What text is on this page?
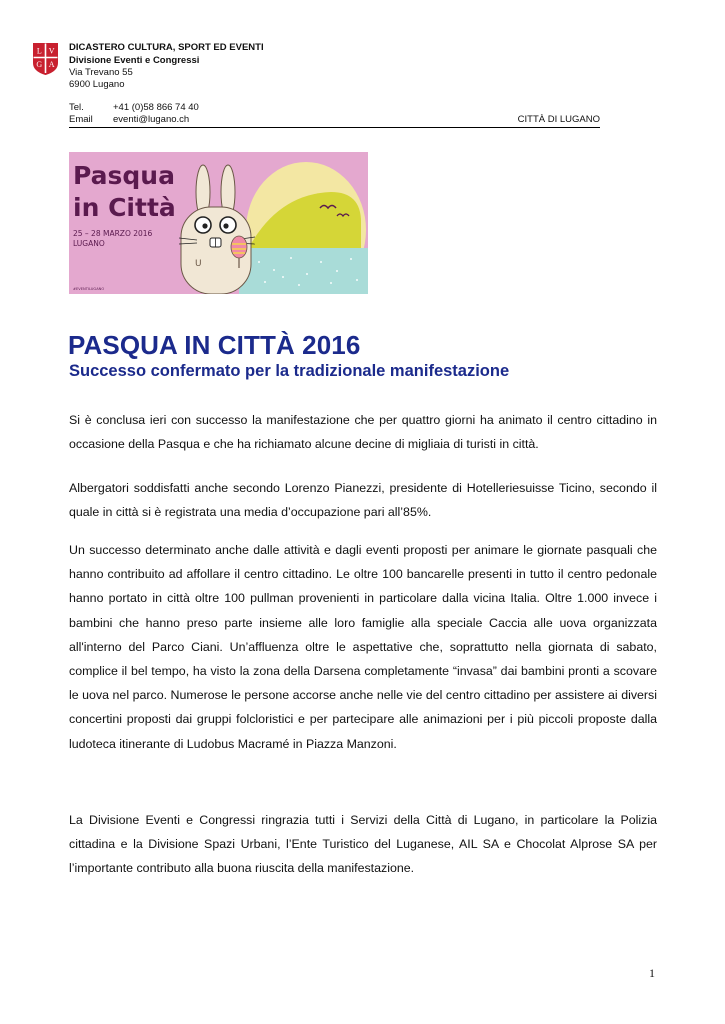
L V
G A
DICASTERO CULTURA, SPORT ED EVENTI
Divisione Eventi e Congressi
Via Trevano 55
6900 Lugano
Tel.	+41 (0)58 866 74 40
Email eventi@lugano.ch	CITTÀ DI LUGANO
U
Pasqua
in Città
25 – 28 MARZO 2016
LUGANO
#EVENTILUGANO
PASQUA IN CITTÀ 2016
Successo confermato per la tradizionale manifestazione
Si è conclusa ieri con successo la manifestazione che per quattro giorni ha animato il centro cittadino in occasione della Pasqua e che ha richiamato alcune decine di migliaia di turisti in città.
Albergatori soddisfatti anche secondo Lorenzo Pianezzi, presidente di Hotelleriesuisse Ticino, secondo il quale in città si è registrata una media d’occupazione pari all’85%.
Un successo determinato anche dalle attività e dagli eventi proposti per animare le giornate pasquali che hanno contribuito ad affollare il centro cittadino. Le oltre 100 bancarelle presenti in tutto il centro pedonale hanno portato in città oltre 100 pullman provenienti in particolare dalla vicina Italia. Oltre 1.000 invece i bambini che hanno preso parte insieme alle loro famiglie alla speciale Caccia alle uova organizzata all'interno del Parco Ciani. Un’affluenza oltre le aspettative che, soprattutto nella giornata di sabato, complice il bel tempo, ha visto la zona della Darsena completamente “invasa” dai bambini pronti a scovare le uova nel parco. Numerose le persone accorse anche nelle vie del centro cittadino per assistere ai diversi concertini proposti dai gruppi folcloristici e per partecipare alle animazioni per i più piccoli proposte dalla ludoteca itinerante di Ludobus Macramé in Piazza Manzoni.
La Divisione Eventi e Congressi ringrazia tutti i Servizi della Città di Lugano, in particolare la Polizia cittadina e la Divisione Spazi Urbani, l’Ente Turistico del Luganese, AIL SA e Chocolat Alprose SA per l’importante contributo alla buona riuscita della manifestazione.
1
